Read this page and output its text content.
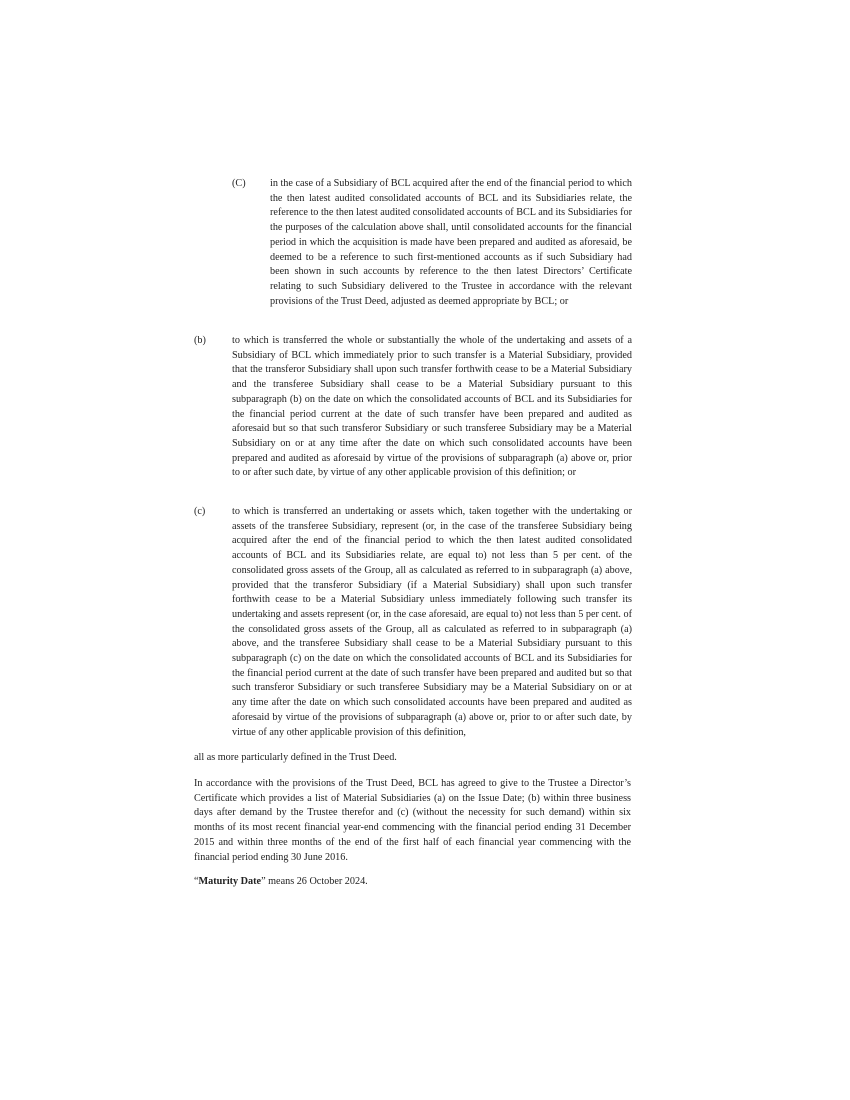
(C) in the case of a Subsidiary of BCL acquired after the end of the financial period to which the then latest audited consolidated accounts of BCL and its Subsidiaries relate, the reference to the then latest audited consolidated accounts of BCL and its Subsidiaries for the purposes of the calculation above shall, until consolidated accounts for the financial period in which the acquisition is made have been prepared and audited as aforesaid, be deemed to be a reference to such first-mentioned accounts as if such Subsidiary had been shown in such accounts by reference to the then latest Directors’ Certificate relating to such Subsidiary delivered to the Trustee in accordance with the relevant provisions of the Trust Deed, adjusted as deemed appropriate by BCL; or

(b)	to which is transferred the whole or substantially the whole of the undertaking and assets of a Subsidiary of BCL which immediately prior to such transfer is a Material Subsidiary, provided that the transferor Subsidiary shall upon such transfer forthwith cease to be a Material Subsidiary and the transferee Subsidiary shall cease to be a Material Subsidiary pursuant to this subparagraph (b) on the date on which the consolidated accounts of BCL and its Subsidiaries for the financial period current at the date of such transfer have been prepared and audited as aforesaid but so that such transferor Subsidiary or such transferee Subsidiary may be a Material Subsidiary on or at any time after the date on which such consolidated accounts have been prepared and audited as aforesaid by virtue of the provisions of subparagraph (a) above or, prior to or after such date, by virtue of any other applicable provision of this definition; or

(c)	to which is transferred an undertaking or assets which, taken together with the undertaking or assets of the transferee Subsidiary, represent (or, in the case of the transferee Subsidiary being acquired after the end of the financial period to which the then latest audited consolidated accounts of BCL and its Subsidiaries relate, are equal to) not less than 5 per cent. of the consolidated gross assets of the Group, all as calculated as referred to in subparagraph (a) above, provided that the transferor Subsidiary (if a Material Subsidiary) shall upon such transfer forthwith cease to be a Material Subsidiary unless immediately following such transfer its undertaking and assets represent (or, in the case aforesaid, are equal to) not less than 5 per cent. of the consolidated gross assets of the Group, all as calculated as referred to in subparagraph (a) above, and the transferee Subsidiary shall cease to be a Material Subsidiary pursuant to this subparagraph (c) on the date on which the consolidated accounts of BCL and its Subsidiaries for the financial period current at the date of such transfer have been prepared and audited but so that such transferor Subsidiary or such transferee Subsidiary may be a Material Subsidiary on or at any time after the date on which such consolidated accounts have been prepared and audited as aforesaid by virtue of the provisions of subparagraph (a) above or, prior to or after such date, by virtue of any other applicable provision of this definition,

all as more particularly defined in the Trust Deed.

In accordance with the provisions of the Trust Deed, BCL has agreed to give to the Trustee a Director’s Certificate which provides a list of Material Subsidiaries (a) on the Issue Date; (b) within three business days after demand by the Trustee therefor and (c) (without the necessity for such demand) within six months of its most recent financial year-end commencing with the financial period ending 31 December 2015 and within three months of the end of the first half of each financial year commencing with the financial period ending 30 June 2016.

“Maturity Date” means 26 October 2024.
